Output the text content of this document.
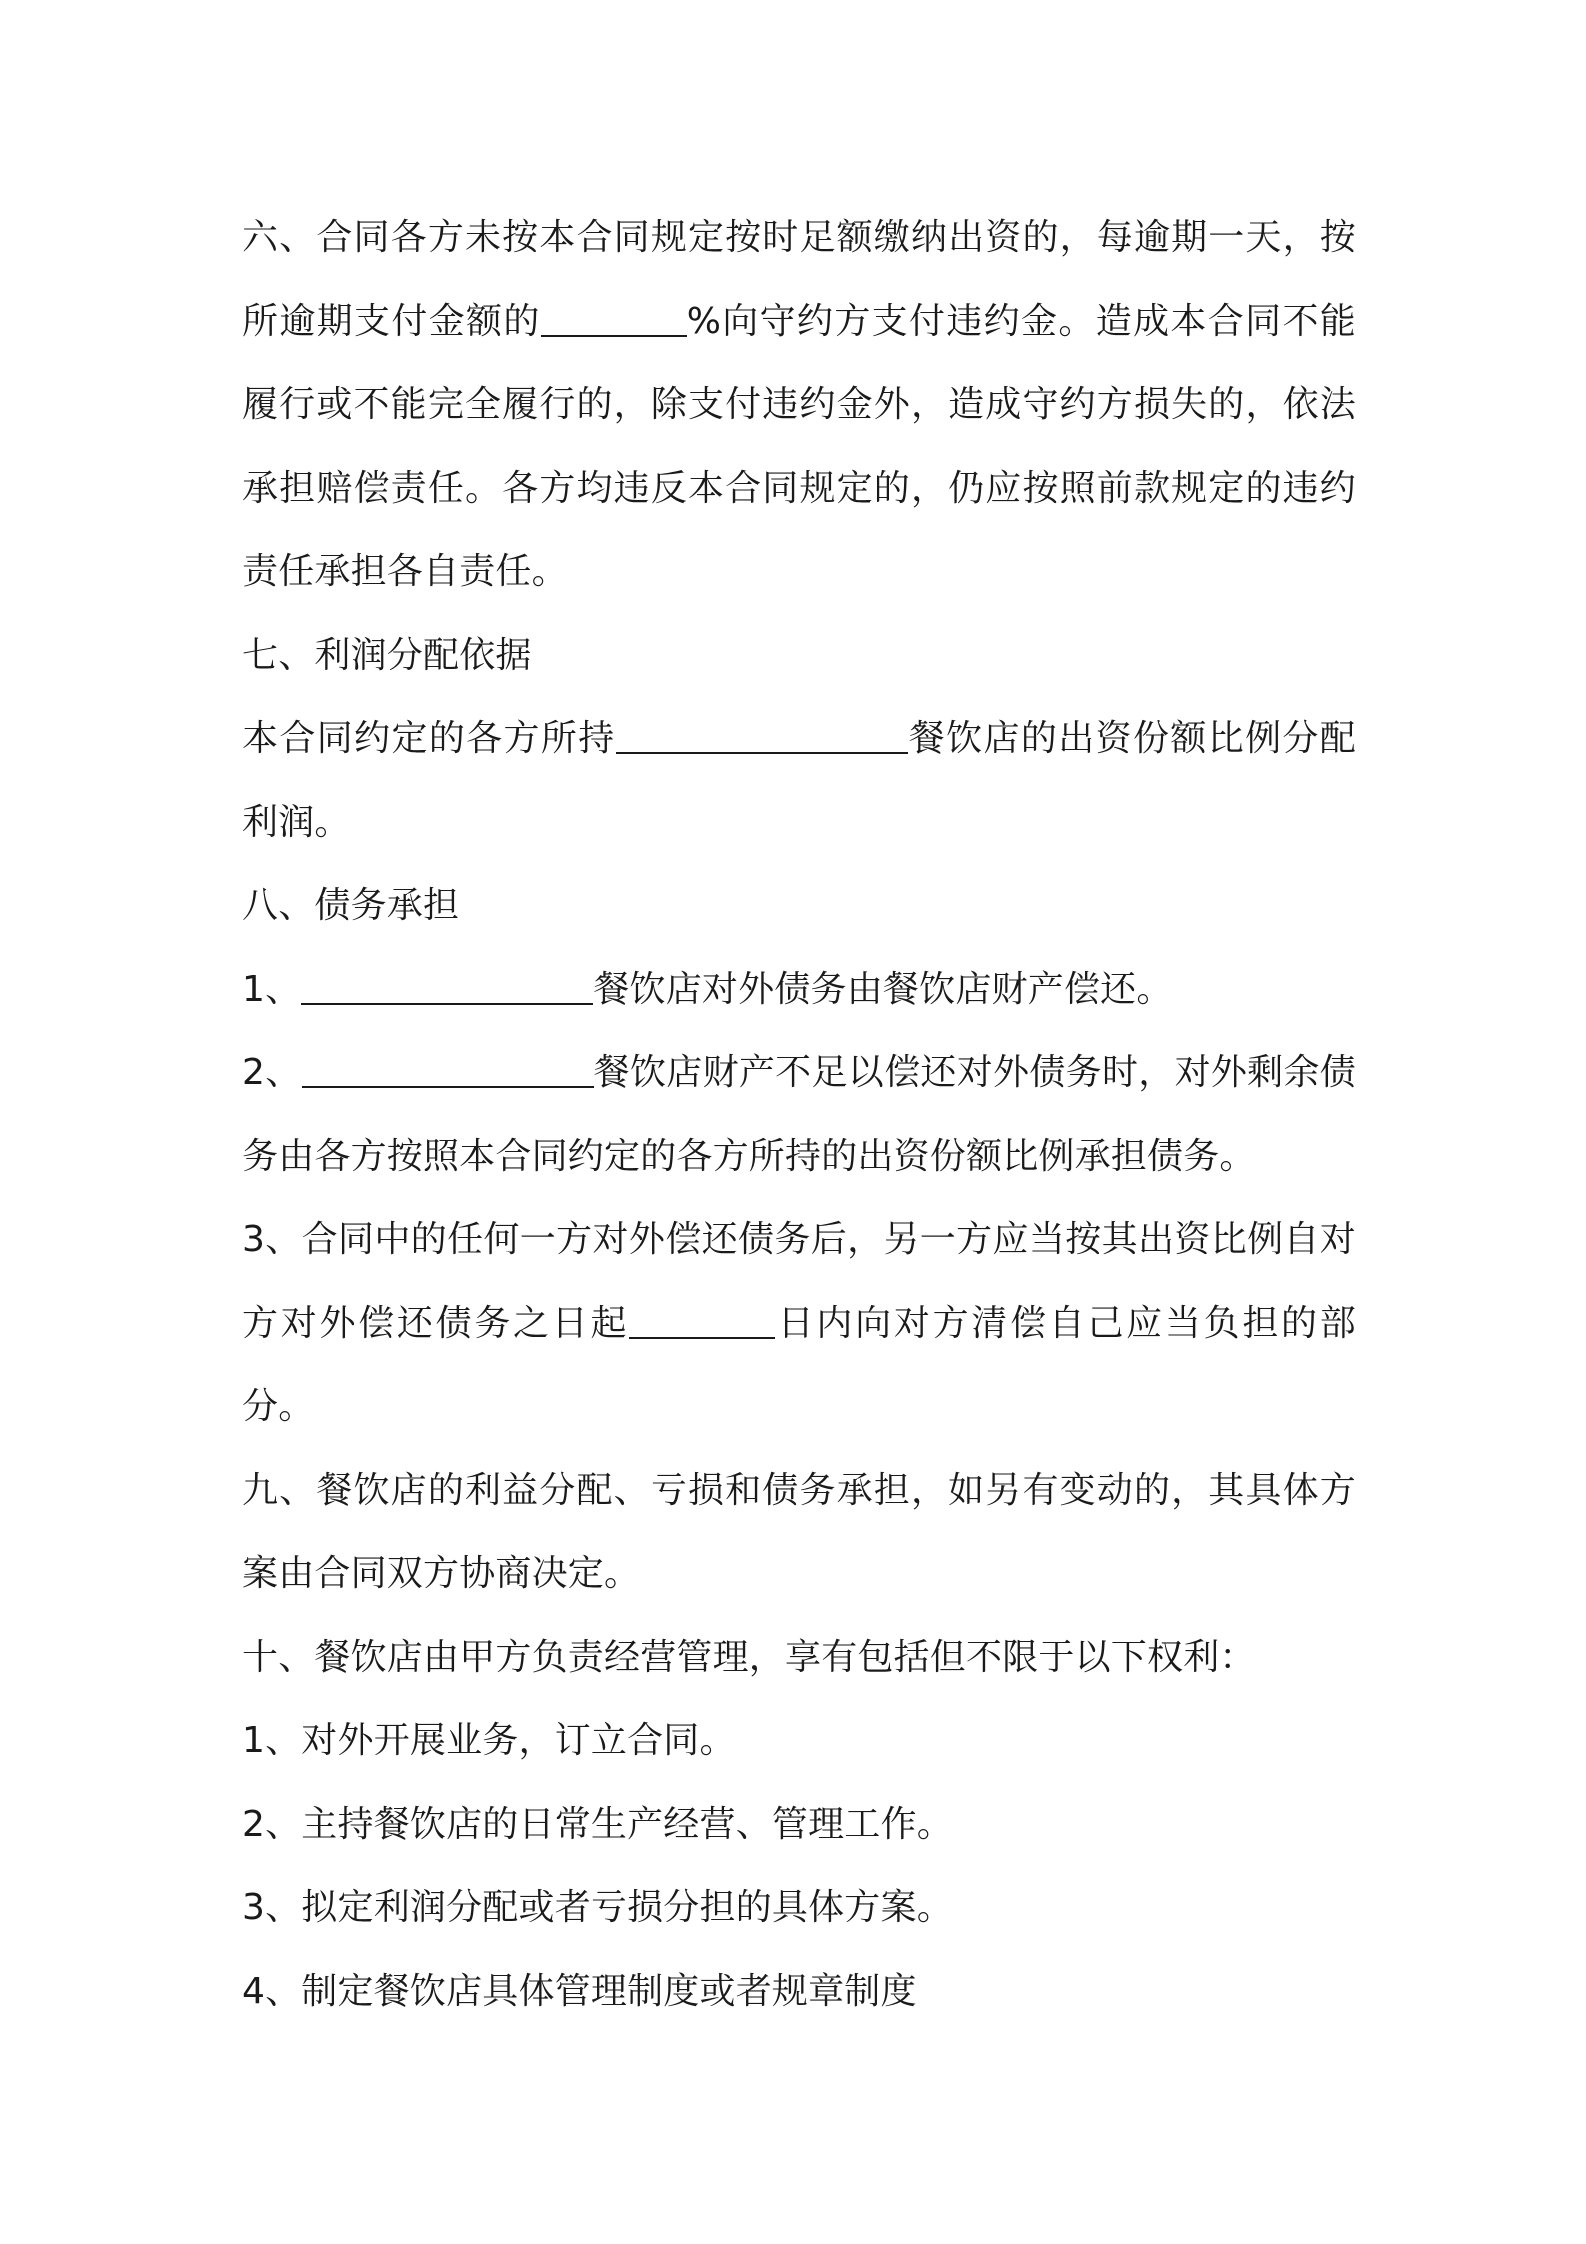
六、合同各方未按本合同规定按时足额缴纳出资的，每逾期一天，按所逾期支付金额的	%向守约方支付违约金。造成本合同不能履行或不能完全履行的，除支付违约金外，造成守约方损失的，依法承担赔偿责任。各方均违反本合同规定的，仍应按照前款规定的违约责任承担各自责任。

七、利润分配依据

本合同约定的各方所持	餐饮店的出资份额比例分配利润。

八、债务承担

1、	餐饮店对外债务由餐饮店财产偿还。

2、	餐饮店财产不足以偿还对外债务时，对外剩余债务由各方按照本合同约定的各方所持的出资份额比例承担债务。

3、合同中的任何一方对外偿还债务后，另一方应当按其出资比例自对方对外偿还债务之日起	日内向对方清偿自己应当负担的部分。

九、餐饮店的利益分配、亏损和债务承担，如另有变动的，其具体方案由合同双方协商决定。

十、餐饮店由甲方负责经营管理，享有包括但不限于以下权利：

1、对外开展业务，订立合同。

2、主持餐饮店的日常生产经营、管理工作。

3、拟定利润分配或者亏损分担的具体方案。

4、制定餐饮店具体管理制度或者规章制度
